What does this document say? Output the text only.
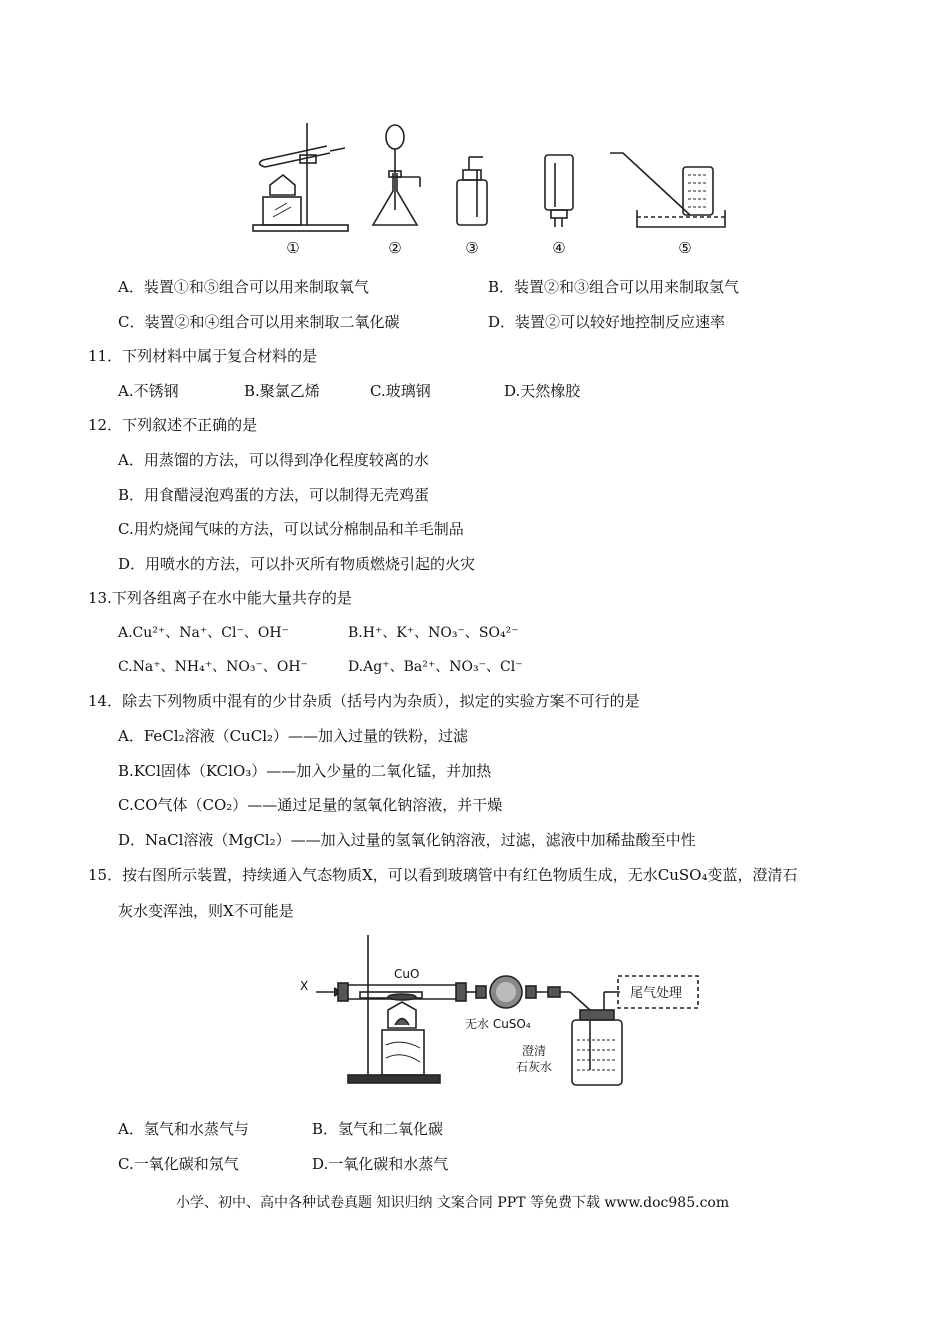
①	②	③	④	⑤
A．装置①和⑤组合可以用来制取氧气	B．装置②和③组合可以用来制取氢气
C．装置②和④组合可以用来制取二氧化碳	D．装置②可以较好地控制反应速率
11．下列材料中属于复合材料的是
A.不锈钢	B.聚氯乙烯	C.玻璃钢	D.天然橡胶
12．下列叙述不正确的是
A．用蒸馏的方法，可以得到净化程度较离的水
B．用食醋浸泡鸡蛋的方法，可以制得无壳鸡蛋
C.用灼烧闻气味的方法，可以试分棉制品和羊毛制品
D．用喷水的方法，可以扑灭所有物质燃烧引起的火灾
13.下列各组离子在水中能大量共存的是
A.Cu²⁺、Na⁺、Cl⁻、OH⁻	B.H⁺、K⁺、NO₃⁻、SO₄²⁻
C.Na⁺、NH₄⁺、NO₃⁻、OH⁻	D.Ag⁺、Ba²⁺、NO₃⁻、Cl⁻
14．除去下列物质中混有的少甘杂质（括号内为杂质），拟定的实验方案不可行的是
A．FeCl₂溶液（CuCl₂）——加入过量的铁粉，过滤
B.KCl固体（KClO₃）——加入少量的二氧化锰，并加热
C.CO气体（CO₂）——通过足量的氢氧化钠溶液，并干燥
D．NaCl溶液（MgCl₂）——加入过量的氢氧化钠溶液，过滤，滤液中加稀盐酸至中性
15．按右图所示装置，持续通入气态物质X，可以看到玻璃管中有红色物质生成，无水CuSO₄变蓝，澄清石
灰水变浑浊，则X不可能是
X
CuO
无水 CuSO₄
尾气处理
澄清
石灰水
A．氢气和水蒸气与	B．氢气和二氧化碳
C.一氧化碳和氖气	D.一氧化碳和水蒸气
小学、初中、高中各种试卷真题 知识归纳 文案合同 PPT 等免费下载 www.doc985.com
